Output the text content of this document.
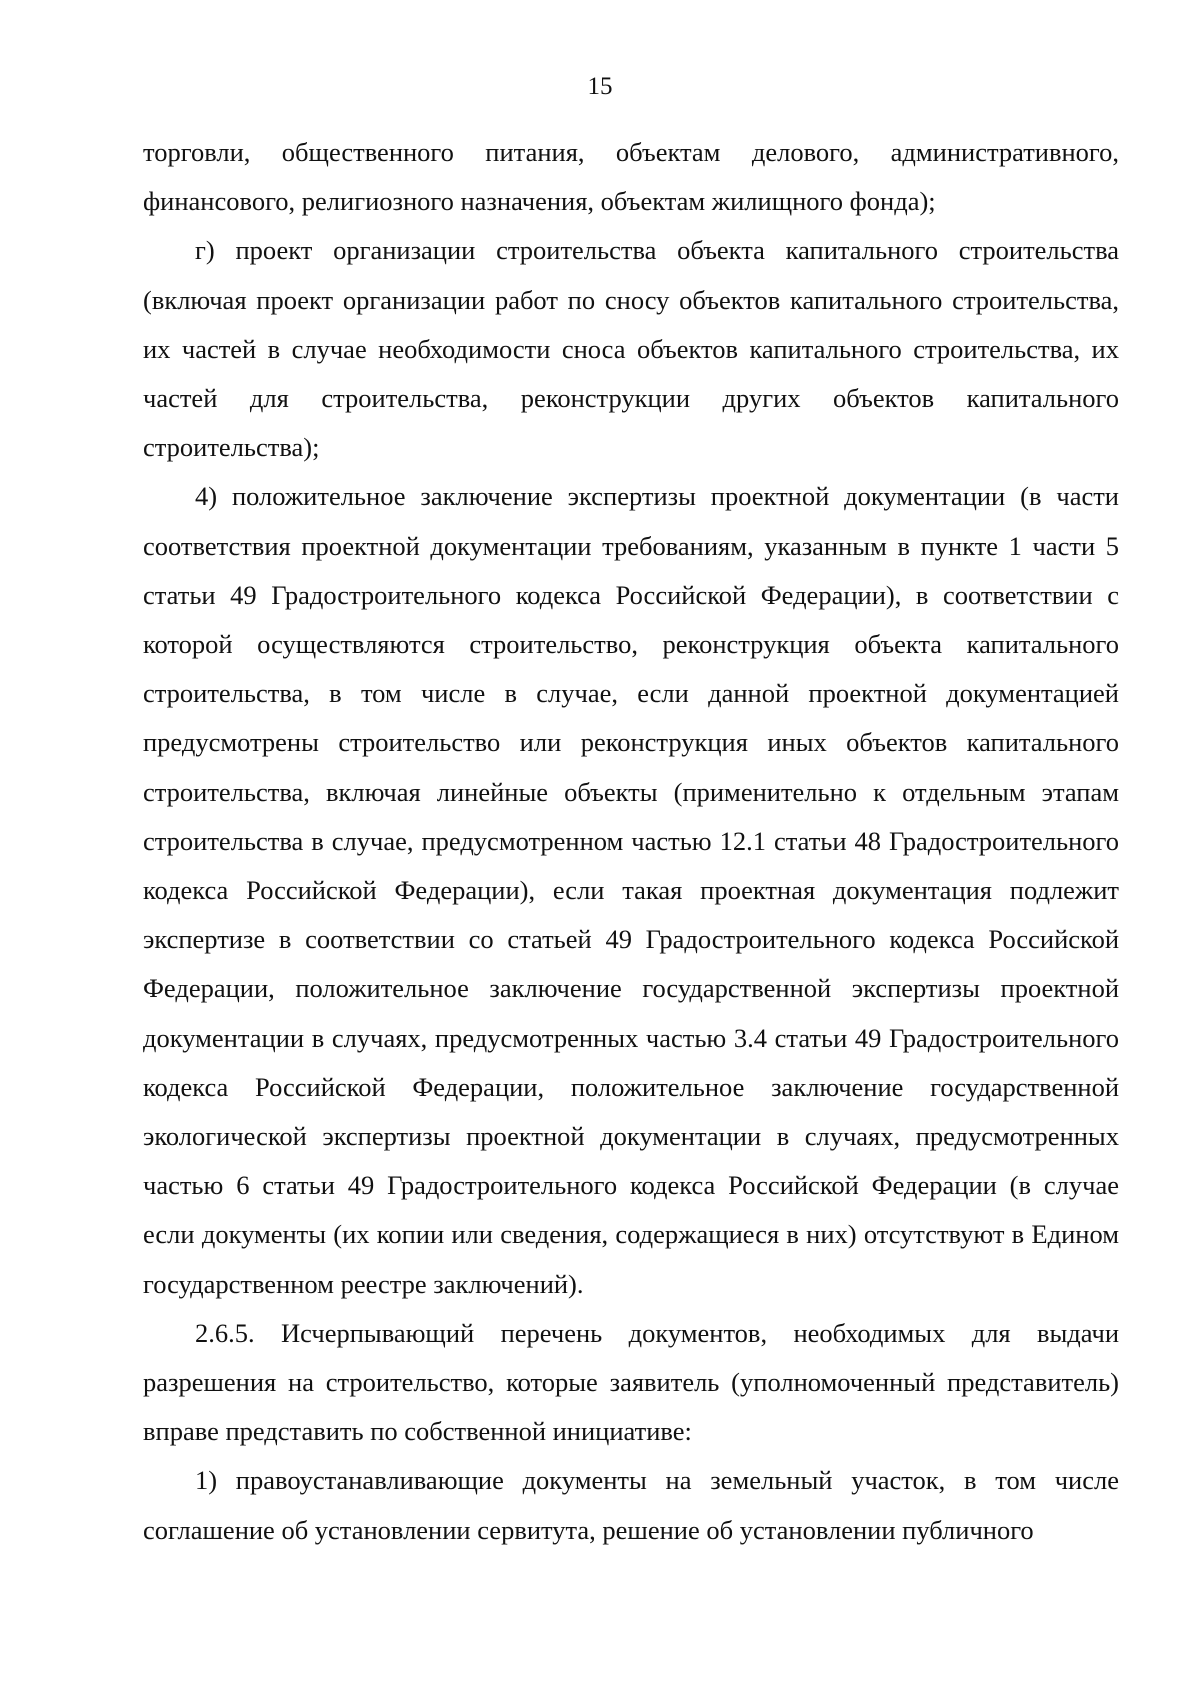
15

торговли, общественного питания, объектам делового, административного, финансового, религиозного назначения, объектам жилищного фонда);

г) проект организации строительства объекта капитального строительства (включая проект организации работ по сносу объектов капитального строительства, их частей в случае необходимости сноса объектов капитального строительства, их частей для строительства, реконструкции других объектов капитального строительства);

4) положительное заключение экспертизы проектной документации (в части соответствия проектной документации требованиям, указанным в пункте 1 части 5 статьи 49 Градостроительного кодекса Российской Федерации), в соответствии с которой осуществляются строительство, реконструкция объекта капитального строительства, в том числе в случае, если данной проектной документацией предусмотрены строительство или реконструкция иных объектов капитального строительства, включая линейные объекты (применительно к отдельным этапам строительства в случае, предусмотренном частью 12.1 статьи 48 Градостроительного кодекса Российской Федерации), если такая проектная документация подлежит экспертизе в соответствии со статьей 49 Градостроительного кодекса Российской Федерации, положительное заключение государственной экспертизы проектной документации в случаях, предусмотренных частью 3.4 статьи 49 Градостроительного кодекса Российской Федерации, положительное заключение государственной экологической экспертизы проектной документации в случаях, предусмотренных частью 6 статьи 49 Градостроительного кодекса Российской Федерации (в случае если документы (их копии или сведения, содержащиеся в них) отсутствуют в Едином государственном реестре заключений).

2.6.5. Исчерпывающий перечень документов, необходимых для выдачи разрешения на строительство, которые заявитель (уполномоченный представитель) вправе представить по собственной инициативе:

1) правоустанавливающие документы на земельный участок, в том числе соглашение об установлении сервитута, решение об установлении публичного
